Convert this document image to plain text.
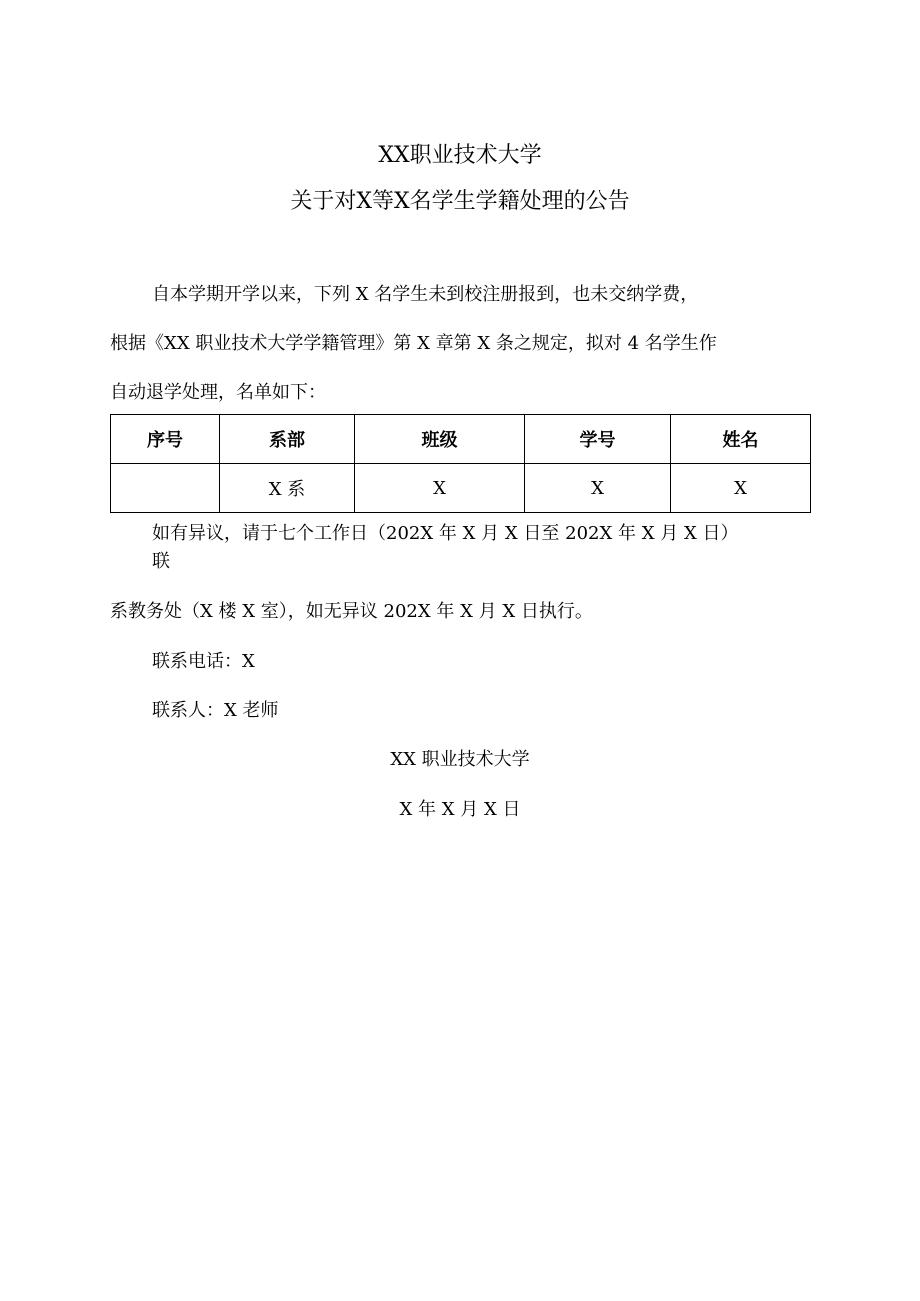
XX职业技术大学
关于对X等X名学生学籍处理的公告
自本学期开学以来，下列 X 名学生未到校注册报到，也未交纳学费，
根据《XX 职业技术大学学籍管理》第 X 章第 X 条之规定，拟对 4 名学生作
自动退学处理，名单如下：
序号	系部	班级	学号	姓名
	X 系	X	X	X
如有异议，请于七个工作日（202X 年 X 月 X 日至 202X 年 X 月 X 日）
联
系教务处（X 楼 X 室），如无异议 202X 年 X 月 X 日执行。
联系电话：X
联系人：X 老师
XX 职业技术大学
X 年 X 月 X 日
